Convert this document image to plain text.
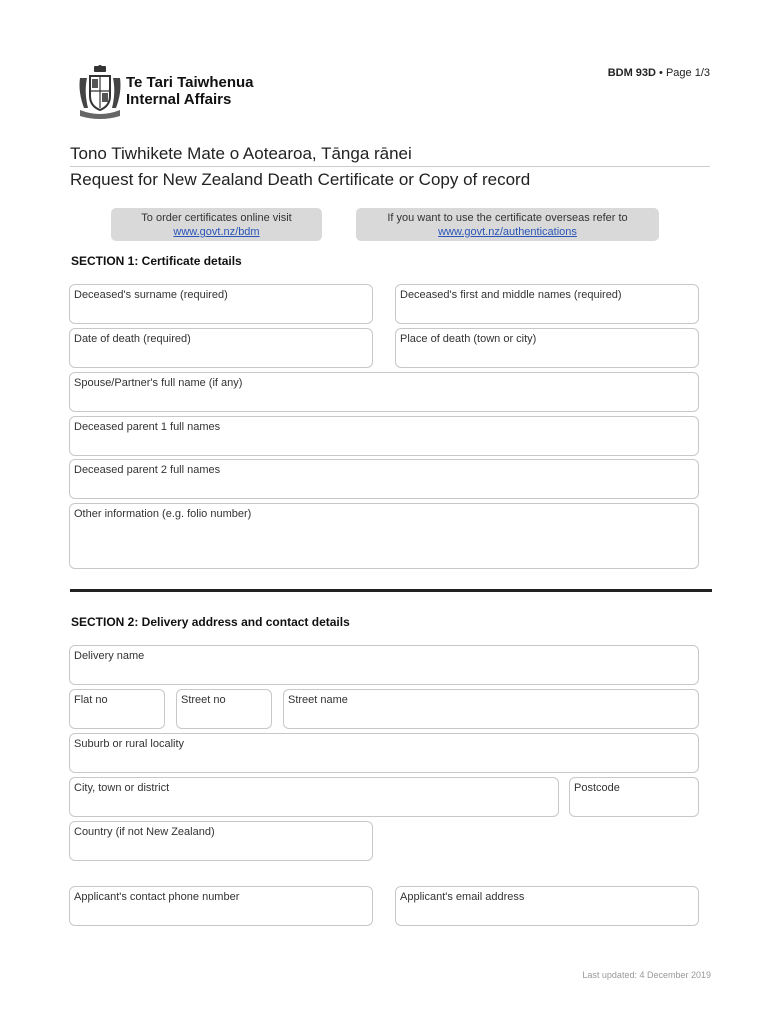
BDM 93D • Page 1/3
Te Tari Taiwhenua
Internal Affairs
Tono Tiwhikete Mate o Aotearoa, Tānga rānei
Request for New Zealand Death Certificate or Copy of record
To order certificates online visit
www.govt.nz/bdm
If you want to use the certificate overseas refer to
www.govt.nz/authentications
SECTION 1: Certificate details
Deceased's surname (required)	Deceased's first and middle names (required)
Date of death (required)	Place of death (town or city)
Spouse/Partner's full name (if any)
Deceased parent 1 full names
Deceased parent 2 full names
Other information (e.g. folio number)
SECTION 2: Delivery address and contact details
Delivery name
Flat no	Street no	Street name
Suburb or rural locality
City, town or district	Postcode
Country (if not New Zealand)
Applicant's contact phone number	Applicant's email address
Last updated: 4 December 2019
